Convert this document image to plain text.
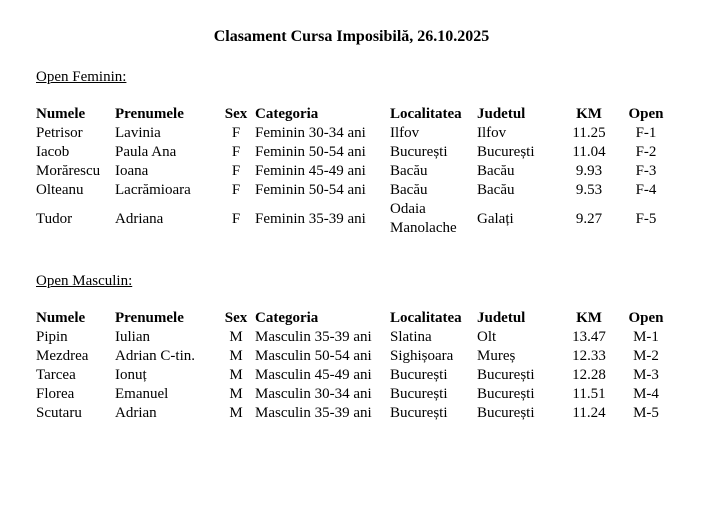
Clasament Cursa Imposibilă, 26.10.2025
Open Feminin:
Numele	Prenumele	Sex	Categoria	Localitatea	Judetul	KM	Open
Petrisor	Lavinia	F	Feminin 30-34 ani	Ilfov	Ilfov	11.25	F-1
Iacob	Paula Ana	F	Feminin 50-54 ani	București	București	11.04	F-2
Morărescu	Ioana	F	Feminin 45-49 ani	Bacău	Bacău	9.93	F-3
Olteanu	Lacrămioara	F	Feminin 50-54 ani	Bacău	Bacău	9.53	F-4
Tudor	Adriana	F	Feminin 35-39 ani	Odaia Manolache	Galați	9.27	F-5
Open Masculin:
Numele	Prenumele	Sex	Categoria	Localitatea	Judetul	KM	Open
Pipin	Iulian	M	Masculin 35-39 ani	Slatina	Olt	13.47	M-1
Mezdrea	Adrian C-tin.	M	Masculin 50-54 ani	Sighișoara	Mureș	12.33	M-2
Tarcea	Ionuț	M	Masculin 45-49 ani	București	București	12.28	M-3
Florea	Emanuel	M	Masculin 30-34 ani	București	București	11.51	M-4
Scutaru	Adrian	M	Masculin 35-39 ani	București	București	11.24	M-5
